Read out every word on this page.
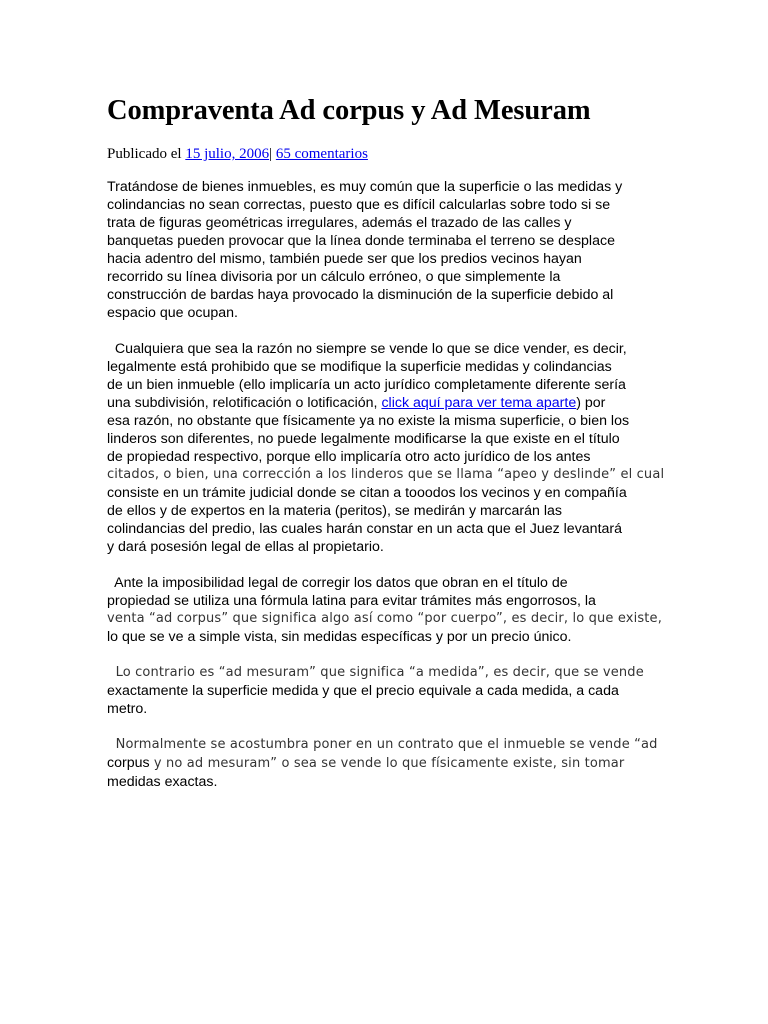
Compraventa Ad corpus y Ad Mesuram
Publicado el 15 julio, 2006| 65 comentarios
Tratándose de bienes inmuebles, es muy común que la superficie o las medidas y
colindancias no sean correctas, puesto que es difícil calcularlas sobre todo si se
trata de figuras geométricas irregulares, además el trazado de las calles y
banquetas pueden provocar que la línea donde terminaba el terreno se desplace
hacia adentro del mismo, también puede ser que los predios vecinos hayan
recorrido su línea divisoria por un cálculo erróneo, o que simplemente la
construcción de bardas haya provocado la disminución de la superficie debido al
espacio que ocupan.
Cualquiera que sea la razón no siempre se vende lo que se dice vender, es decir,
legalmente está prohibido que se modifique la superficie medidas y colindancias
de un bien inmueble (ello implicaría un acto jurídico completamente diferente sería
una subdivisión, relotificación o lotificación, click aquí para ver tema aparte) por
esa razón, no obstante que físicamente ya no existe la misma superficie, o bien los
linderos son diferentes, no puede legalmente modificarse la que existe en el título
de propiedad respectivo, porque ello implicaría otro acto jurídico de los antes
citados, o bien, una corrección a los linderos que se llama “apeo y deslinde” el cual
consiste en un trámite judicial donde se citan a tooodos los vecinos y en compañía
de ellos y de expertos en la materia (peritos), se medirán y marcarán las
colindancias del predio, las cuales harán constar en un acta que el Juez levantará
y dará posesión legal de ellas al propietario.
Ante la imposibilidad legal de corregir los datos que obran en el título de
propiedad se utiliza una fórmula latina para evitar trámites más engorrosos, la
venta “ad corpus” que significa algo así como “por cuerpo”, es decir, lo que existe,
lo que se ve a simple vista, sin medidas específicas y por un precio único.
Lo contrario es “ad mesuram” que significa “a medida”, es decir, que se vende
exactamente la superficie medida y que el precio equivale a cada medida, a cada
metro.
Normalmente se acostumbra poner en un contrato que el inmueble se vende “ad
corpus y no ad mesuram” o sea se vende lo que físicamente existe, sin tomar
medidas exactas.
